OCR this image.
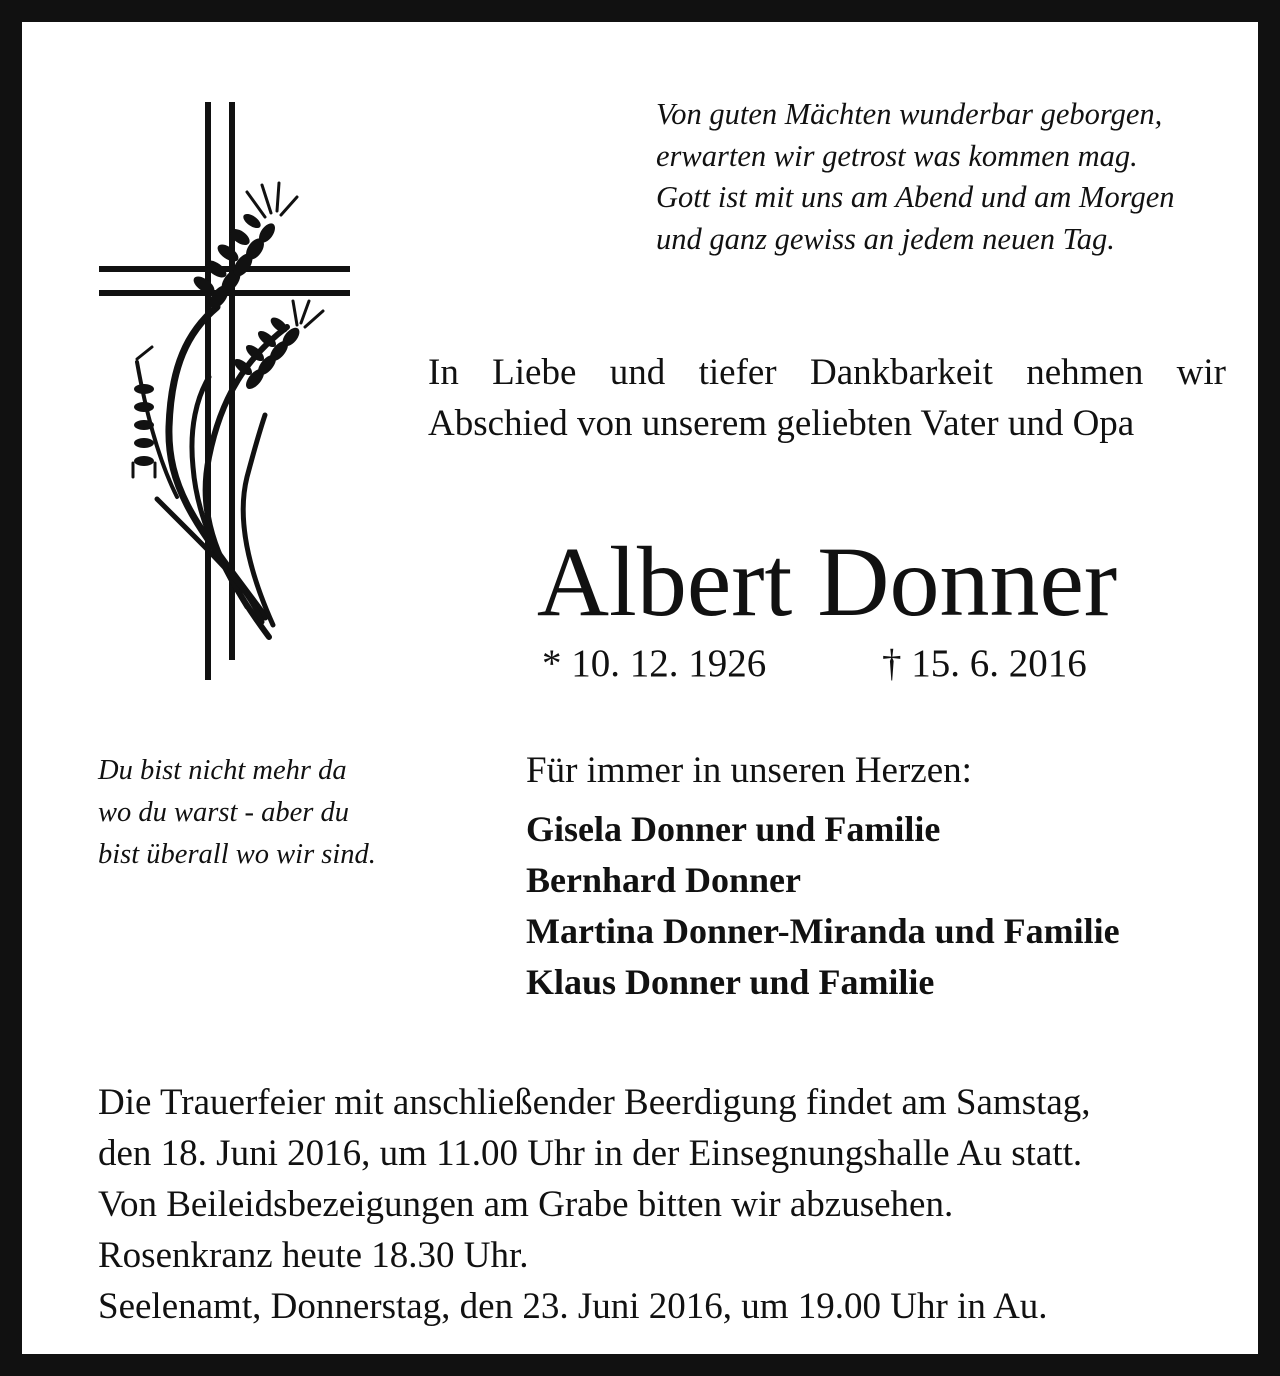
Von guten Mächten wunderbar geborgen,
erwarten wir getrost was kommen mag.
Gott ist mit uns am Abend und am Morgen
und ganz gewiss an jedem neuen Tag.
In Liebe und tiefer Dankbarkeit nehmen wir Abschied von unserem geliebten Vater und Opa
Albert Donner
* 10. 12. 1926	† 15. 6. 2016
Du bist nicht mehr da
wo du warst - aber du
bist überall wo wir sind.
Für immer in unseren Herzen:
Gisela Donner und Familie
Bernhard Donner
Martina Donner-Miranda und Familie
Klaus Donner und Familie
Die Trauerfeier mit anschließender Beerdigung findet am Samstag,
den 18. Juni 2016, um 11.00 Uhr in der Einsegnungshalle Au statt.
Von Beileidsbezeigungen am Grabe bitten wir abzusehen.
Rosenkranz heute 18.30 Uhr.
Seelenamt, Donnerstag, den 23. Juni 2016, um 19.00 Uhr in Au.
